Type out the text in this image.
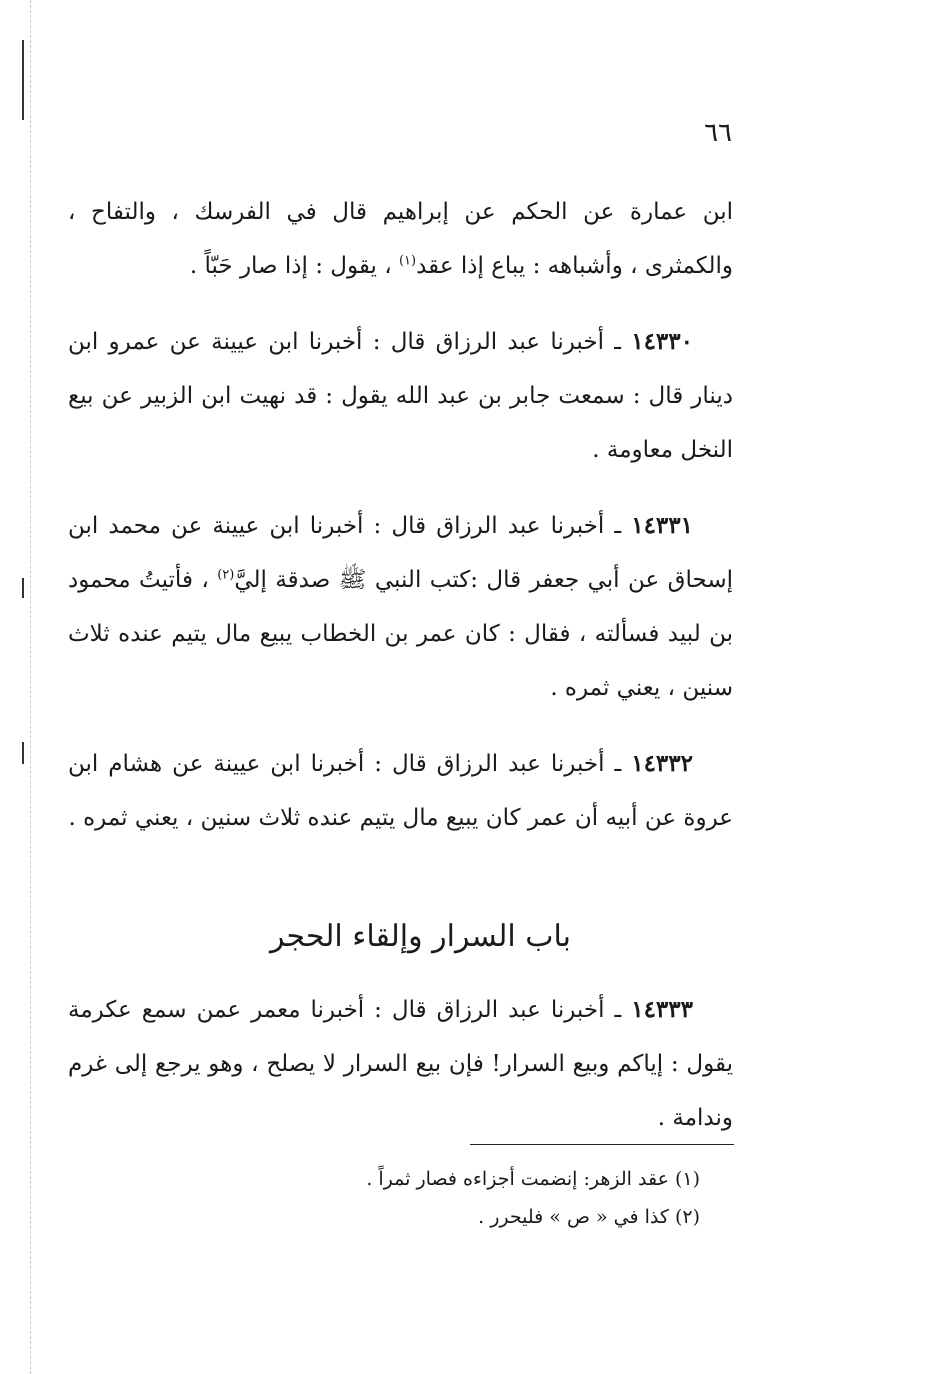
٦٦

ابن عمارة عن الحكم عن إبراهيم قال في الفرسك ، والتفاح ، والكمثرى ، وأشباهه : يباع إذا عقد$^{(١)}$ ، يقول : إذا صار حَبّاً .

١٤٣٣٠ ـ أخبرنا عبد الرزاق قال : أخبرنا ابن عيينة عن عمرو ابن دينار قال : سمعت جابر بن عبد الله يقول : قد نهيت ابن الزبير عن بيع النخل معاومة .

١٤٣٣١ ـ أخبرنا عبد الرزاق قال : أخبرنا ابن عيينة عن محمد ابن إسحاق عن أبي جعفر قال :كتب النبي ﷺ صدقة إليَّ$^{(٢)}$ ، فأتيتُ محمود بن لبيد فسألته ، فقال : كان عمر بن الخطاب يبيع مال يتيم عنده ثلاث سنين ، يعني ثمره .

١٤٣٣٢ ـ أخبرنا عبد الرزاق قال : أخبرنا ابن عيينة عن هشام ابن عروة عن أبيه أن عمر كان يبيع مال يتيم عنده ثلاث سنين ، يعني ثمره .

باب السرار وإلقاء الحجر

١٤٣٣٣ ـ أخبرنا عبد الرزاق قال : أخبرنا معمر عمن سمع عكرمة يقول : إياكم وبيع السرار! فإن بيع السرار لا يصلح ، وهو يرجع إلى غرم وندامة .

(١) عقد الزهر: إنضمت أجزاءه فصار ثمراً .

(٢) كذا في « ص » فليحرر .
